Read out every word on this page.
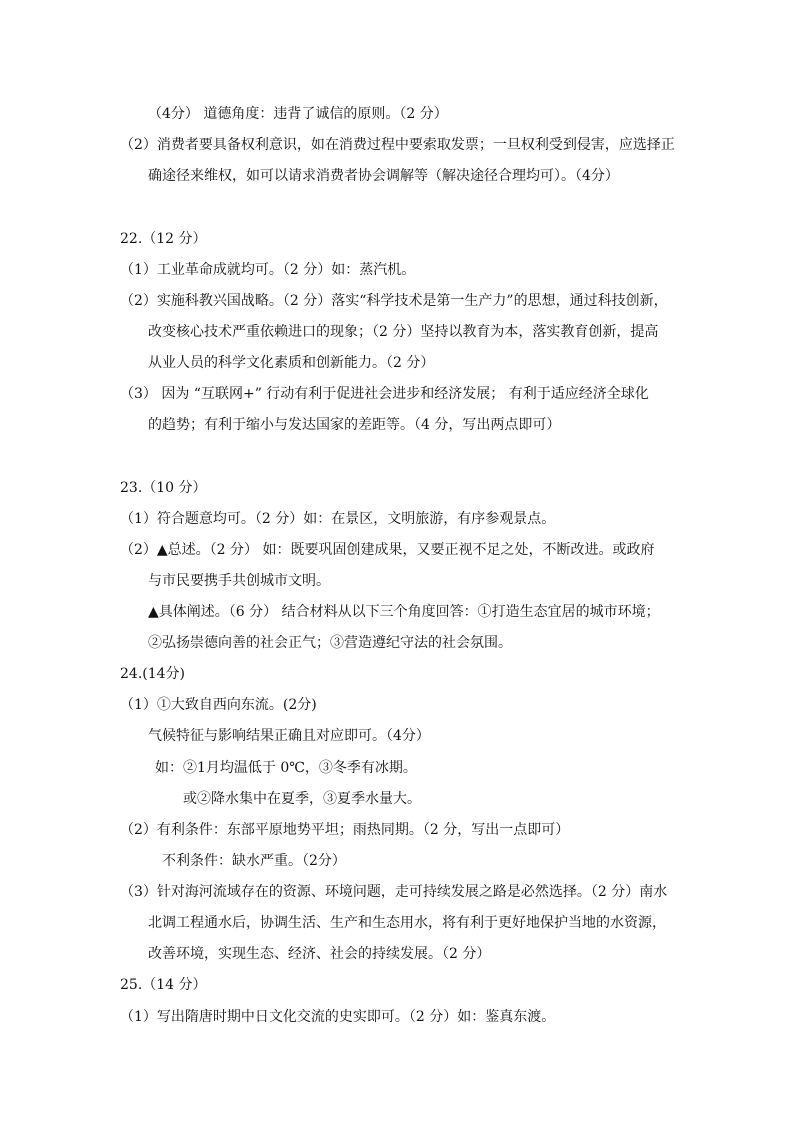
（4分） 道德角度：违背了诚信的原则。（2 分）
（2）消费者要具备权利意识，如在消费过程中要索取发票；一旦权利受到侵害，应选择正
确途径来维权，如可以请求消费者协会调解等（解决途径合理均可）。（4分）
22.（12 分）
（1）工业革命成就均可。（2 分）如：蒸汽机。
（2）实施科教兴国战略。（2 分）落实“科学技术是第一生产力”的思想，通过科技创新，
改变核心技术严重依赖进口的现象；（2 分）坚持以教育为本，落实教育创新，提高
从业人员的科学文化素质和创新能力。（2 分）
（3） 因为 “互联网+” 行动有利于促进社会进步和经济发展； 有利于适应经济全球化
的趋势；有利于缩小与发达国家的差距等。（4 分，写出两点即可）
23.（10 分）
（1）符合题意均可。（2 分）如：在景区，文明旅游，有序参观景点。
（2）▲总述。（2 分） 如：既要巩固创建成果，又要正视不足之处，不断改进。或政府
与市民要携手共创城市文明。
▲具体阐述。（6 分） 结合材料从以下三个角度回答：①打造生态宜居的城市环境；
②弘扬崇德向善的社会正气；③营造遵纪守法的社会氛围。
24.(14分)
（1）①大致自西向东流。(2分)
气候特征与影响结果正确且对应即可。（4分）
如：②1月均温低于 0℃，③冬季有冰期。
或②降水集中在夏季，③夏季水量大。
（2）有利条件：东部平原地势平坦；雨热同期。（2 分，写出一点即可）
不利条件：缺水严重。（2分）
（3）针对海河流域存在的资源、环境问题，走可持续发展之路是必然选择。（2 分）南水
北调工程通水后，协调生活、生产和生态用水，将有利于更好地保护当地的水资源，
改善环境，实现生态、经济、社会的持续发展。（2 分）
25.（14 分）
（1）写出隋唐时期中日文化交流的史实即可。（2 分）如：鉴真东渡。
